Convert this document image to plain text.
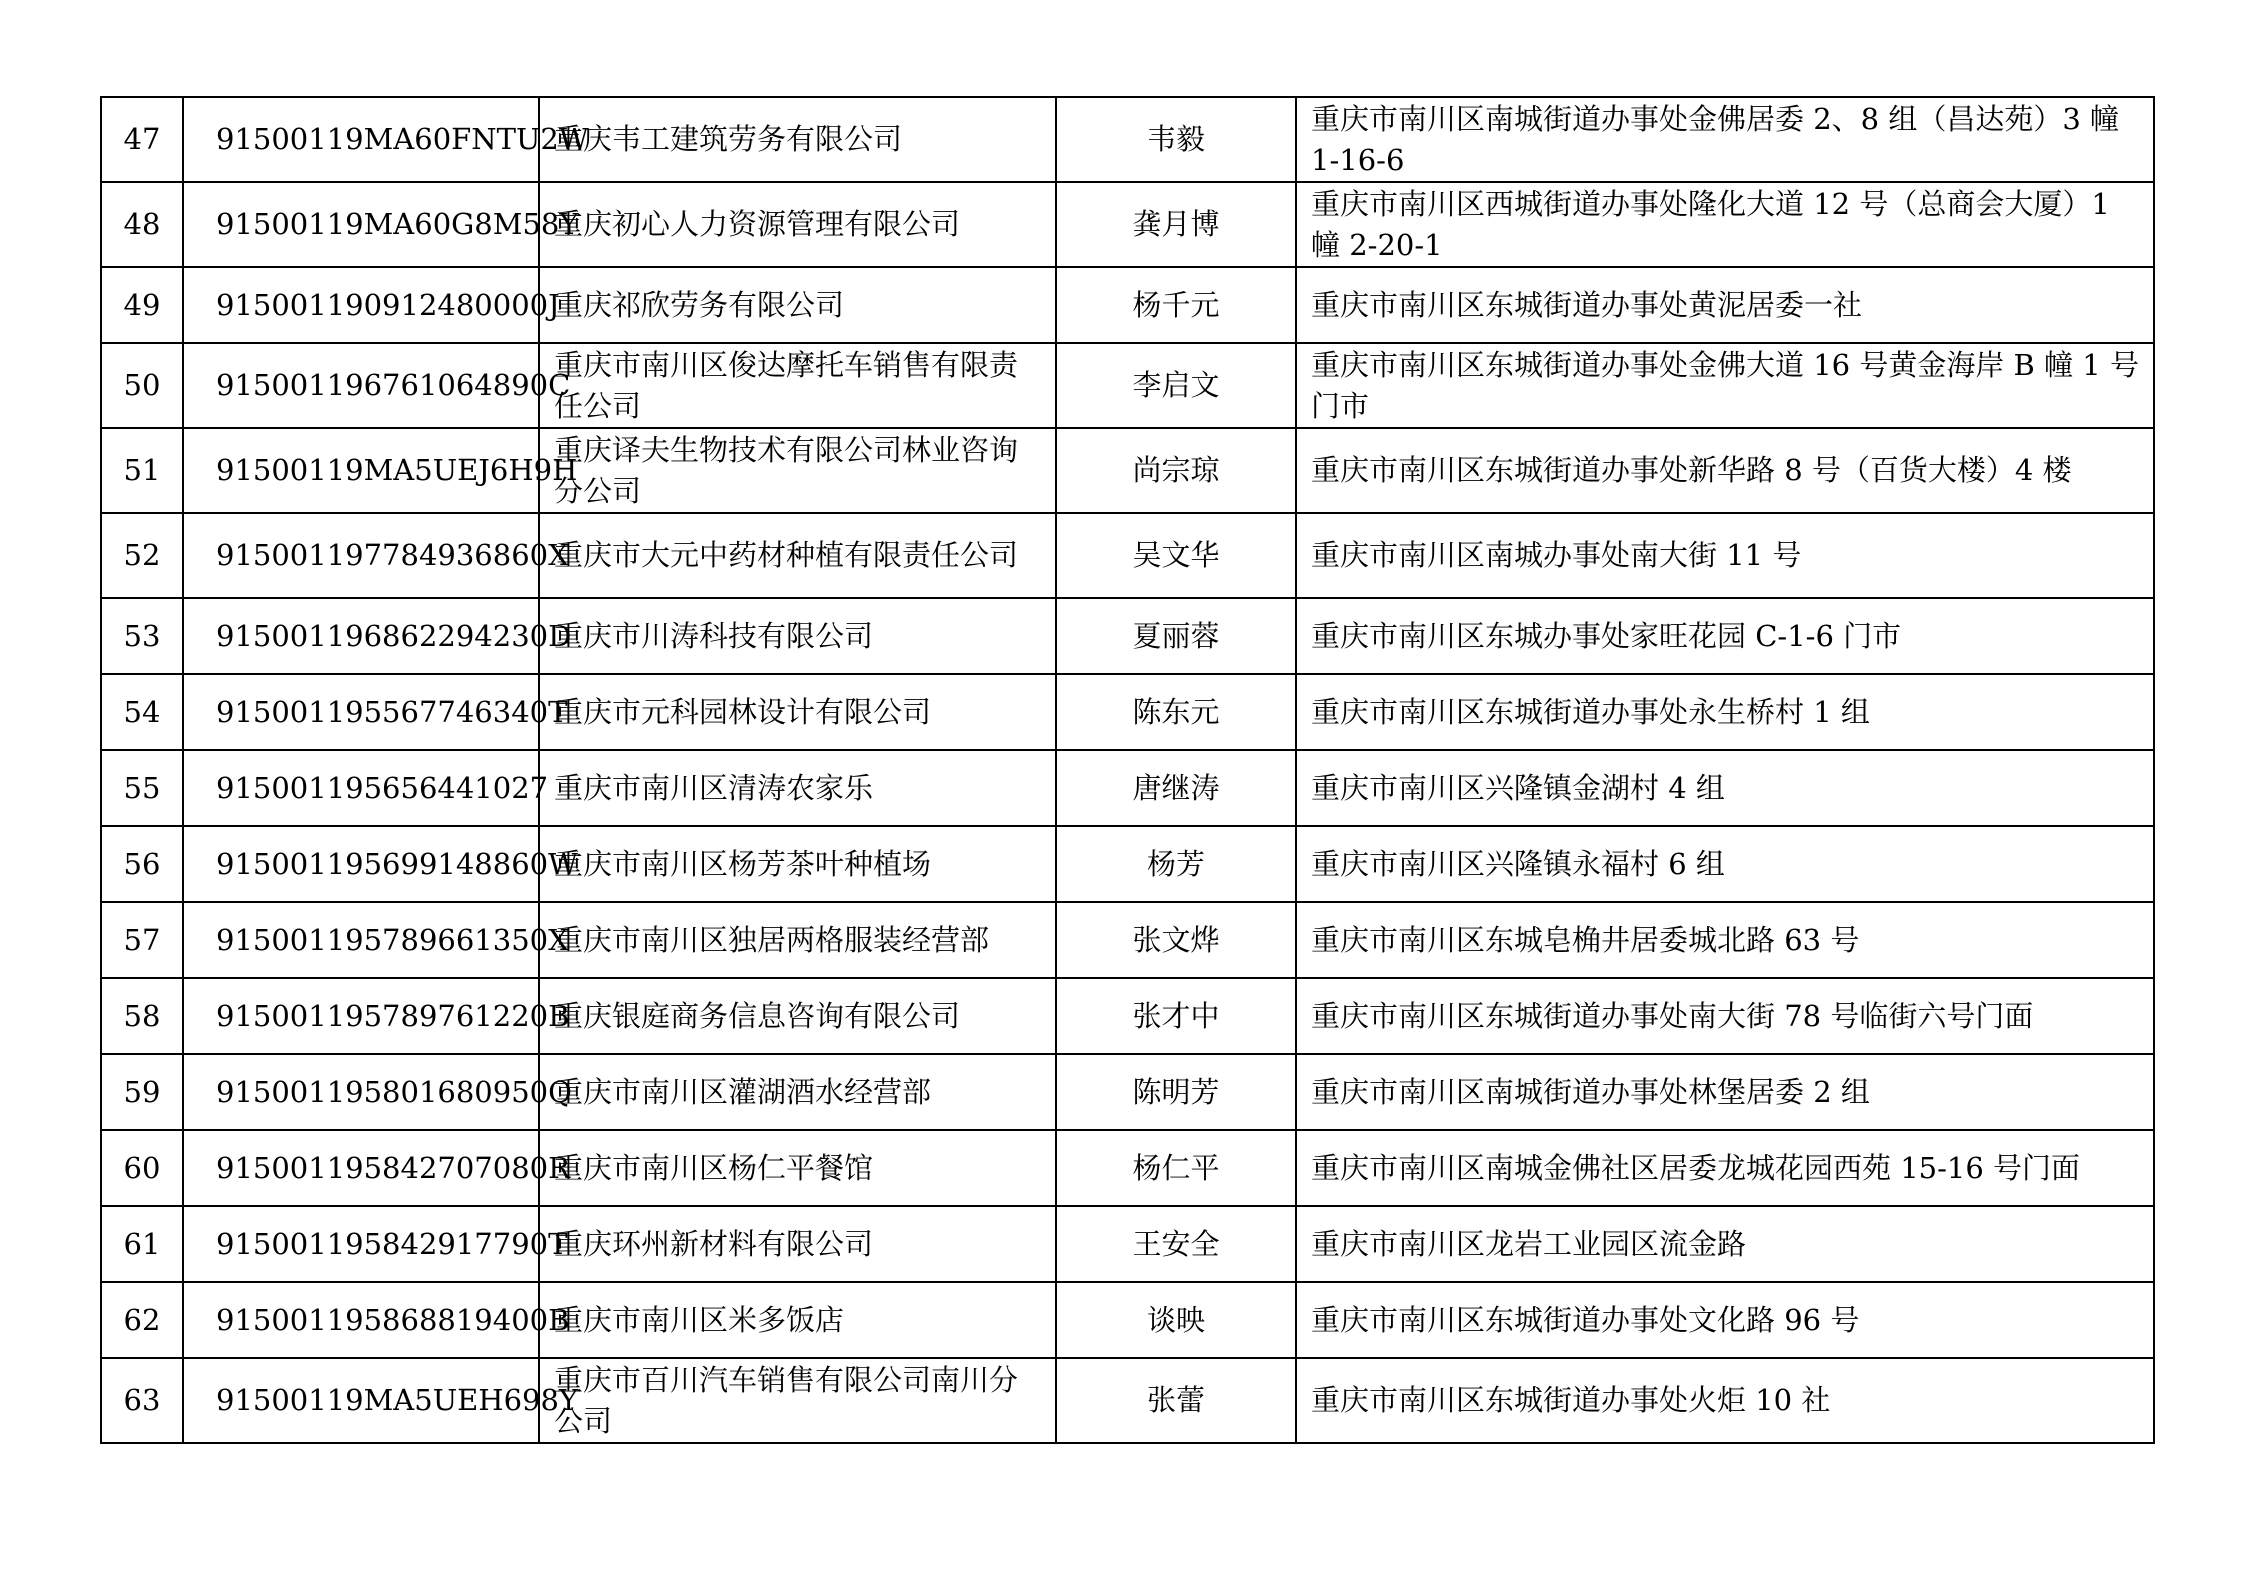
47	91500119MA60FNTU2W	重庆韦工建筑劳务有限公司	韦毅	重庆市南川区南城街道办事处金佛居委 2、8 组（昌达苑）3 幢 1-16-6
48	91500119MA60G8M58Y	重庆初心人力资源管理有限公司	龚月博	重庆市南川区西城街道办事处隆化大道 12 号（总商会大厦）1 幢 2-20-1
49	915001190912480000J	重庆祁欣劳务有限公司	杨千元	重庆市南川区东城街道办事处黄泥居委一社
50	915001196761064890C	重庆市南川区俊达摩托车销售有限责任公司	李启文	重庆市南川区东城街道办事处金佛大道 16 号黄金海岸 B 幢 1 号门市
51	91500119MA5UEJ6H9H	重庆译夫生物技术有限公司林业咨询分公司	尚宗琼	重庆市南川区东城街道办事处新华路 8 号（百货大楼）4 楼
52	915001197784936860X	重庆市大元中药材种植有限责任公司	吴文华	重庆市南川区南城办事处南大街 11 号
53	915001196862294230D	重庆市川涛科技有限公司	夏丽蓉	重庆市南川区东城办事处家旺花园 C-1-6 门市
54	915001195567746340T	重庆市元科园林设计有限公司	陈东元	重庆市南川区东城街道办事处永生桥村 1 组
55	915001195656441027	重庆市南川区清涛农家乐	唐继涛	重庆市南川区兴隆镇金湖村 4 组
56	915001195699148860W	重庆市南川区杨芳茶叶种植场	杨芳	重庆市南川区兴隆镇永福村 6 组
57	915001195789661350X	重庆市南川区独居两格服装经营部	张文烨	重庆市南川区东城皂桷井居委城北路 63 号
58	915001195789761220B	重庆银庭商务信息咨询有限公司	张才中	重庆市南川区东城街道办事处南大街 78 号临街六号门面
59	915001195801680950Q	重庆市南川区灌湖酒水经营部	陈明芳	重庆市南川区南城街道办事处林堡居委 2 组
60	915001195842707080R	重庆市南川区杨仁平餐馆	杨仁平	重庆市南川区南城金佛社区居委龙城花园西苑 15-16 号门面
61	915001195842917790T	重庆环州新材料有限公司	王安全	重庆市南川区龙岩工业园区流金路
62	915001195868819400B	重庆市南川区米多饭店	谈映	重庆市南川区东城街道办事处文化路 96 号
63	91500119MA5UEH698Y	重庆市百川汽车销售有限公司南川分公司	张蕾	重庆市南川区东城街道办事处火炬 10 社
